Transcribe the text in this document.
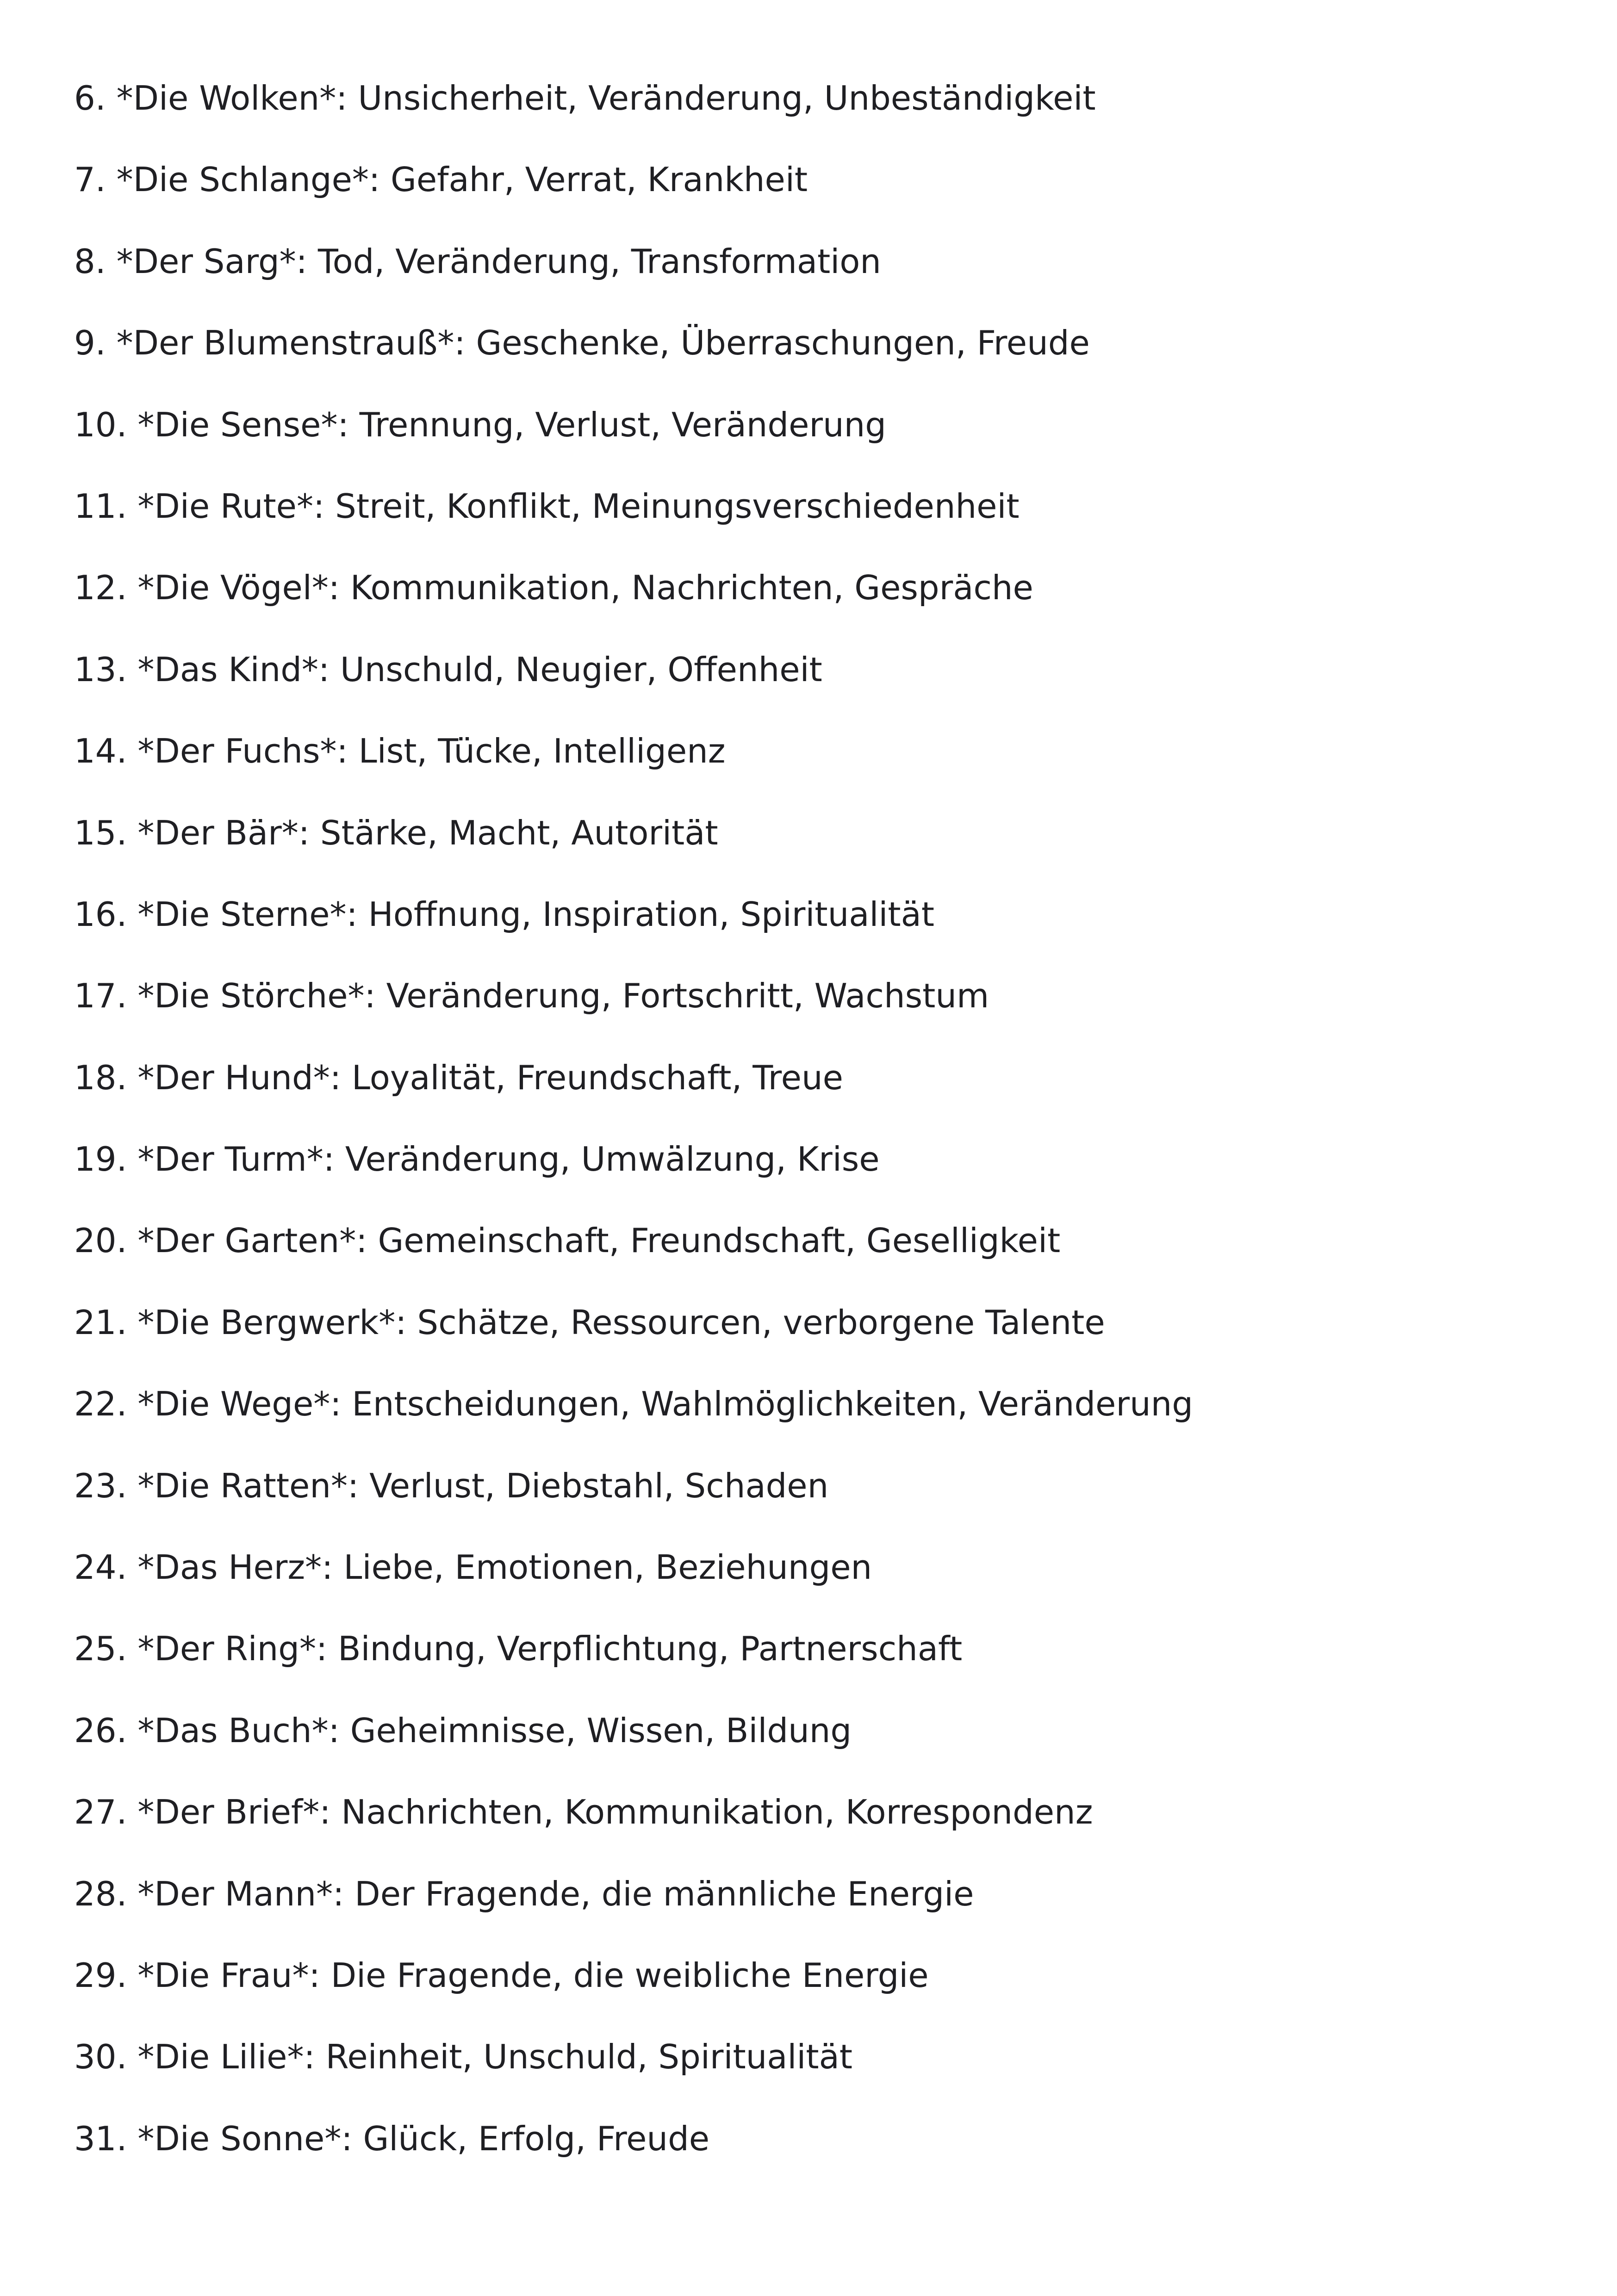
6. *Die Wolken*: Unsicherheit, Veränderung, Unbeständigkeit
7. *Die Schlange*: Gefahr, Verrat, Krankheit
8. *Der Sarg*: Tod, Veränderung, Transformation
9. *Der Blumenstrauß*: Geschenke, Überraschungen, Freude
10. *Die Sense*: Trennung, Verlust, Veränderung
11. *Die Rute*: Streit, Konflikt, Meinungsverschiedenheit
12. *Die Vögel*: Kommunikation, Nachrichten, Gespräche
13. *Das Kind*: Unschuld, Neugier, Offenheit
14. *Der Fuchs*: List, Tücke, Intelligenz
15. *Der Bär*: Stärke, Macht, Autorität
16. *Die Sterne*: Hoffnung, Inspiration, Spiritualität
17. *Die Störche*: Veränderung, Fortschritt, Wachstum
18. *Der Hund*: Loyalität, Freundschaft, Treue
19. *Der Turm*: Veränderung, Umwälzung, Krise
20. *Der Garten*: Gemeinschaft, Freundschaft, Geselligkeit
21. *Die Bergwerk*: Schätze, Ressourcen, verborgene Talente
22. *Die Wege*: Entscheidungen, Wahlmöglichkeiten, Veränderung
23. *Die Ratten*: Verlust, Diebstahl, Schaden
24. *Das Herz*: Liebe, Emotionen, Beziehungen
25. *Der Ring*: Bindung, Verpflichtung, Partnerschaft
26. *Das Buch*: Geheimnisse, Wissen, Bildung
27. *Der Brief*: Nachrichten, Kommunikation, Korrespondenz
28. *Der Mann*: Der Fragende, die männliche Energie
29. *Die Frau*: Die Fragende, die weibliche Energie
30. *Die Lilie*: Reinheit, Unschuld, Spiritualität
31. *Die Sonne*: Glück, Erfolg, Freude
